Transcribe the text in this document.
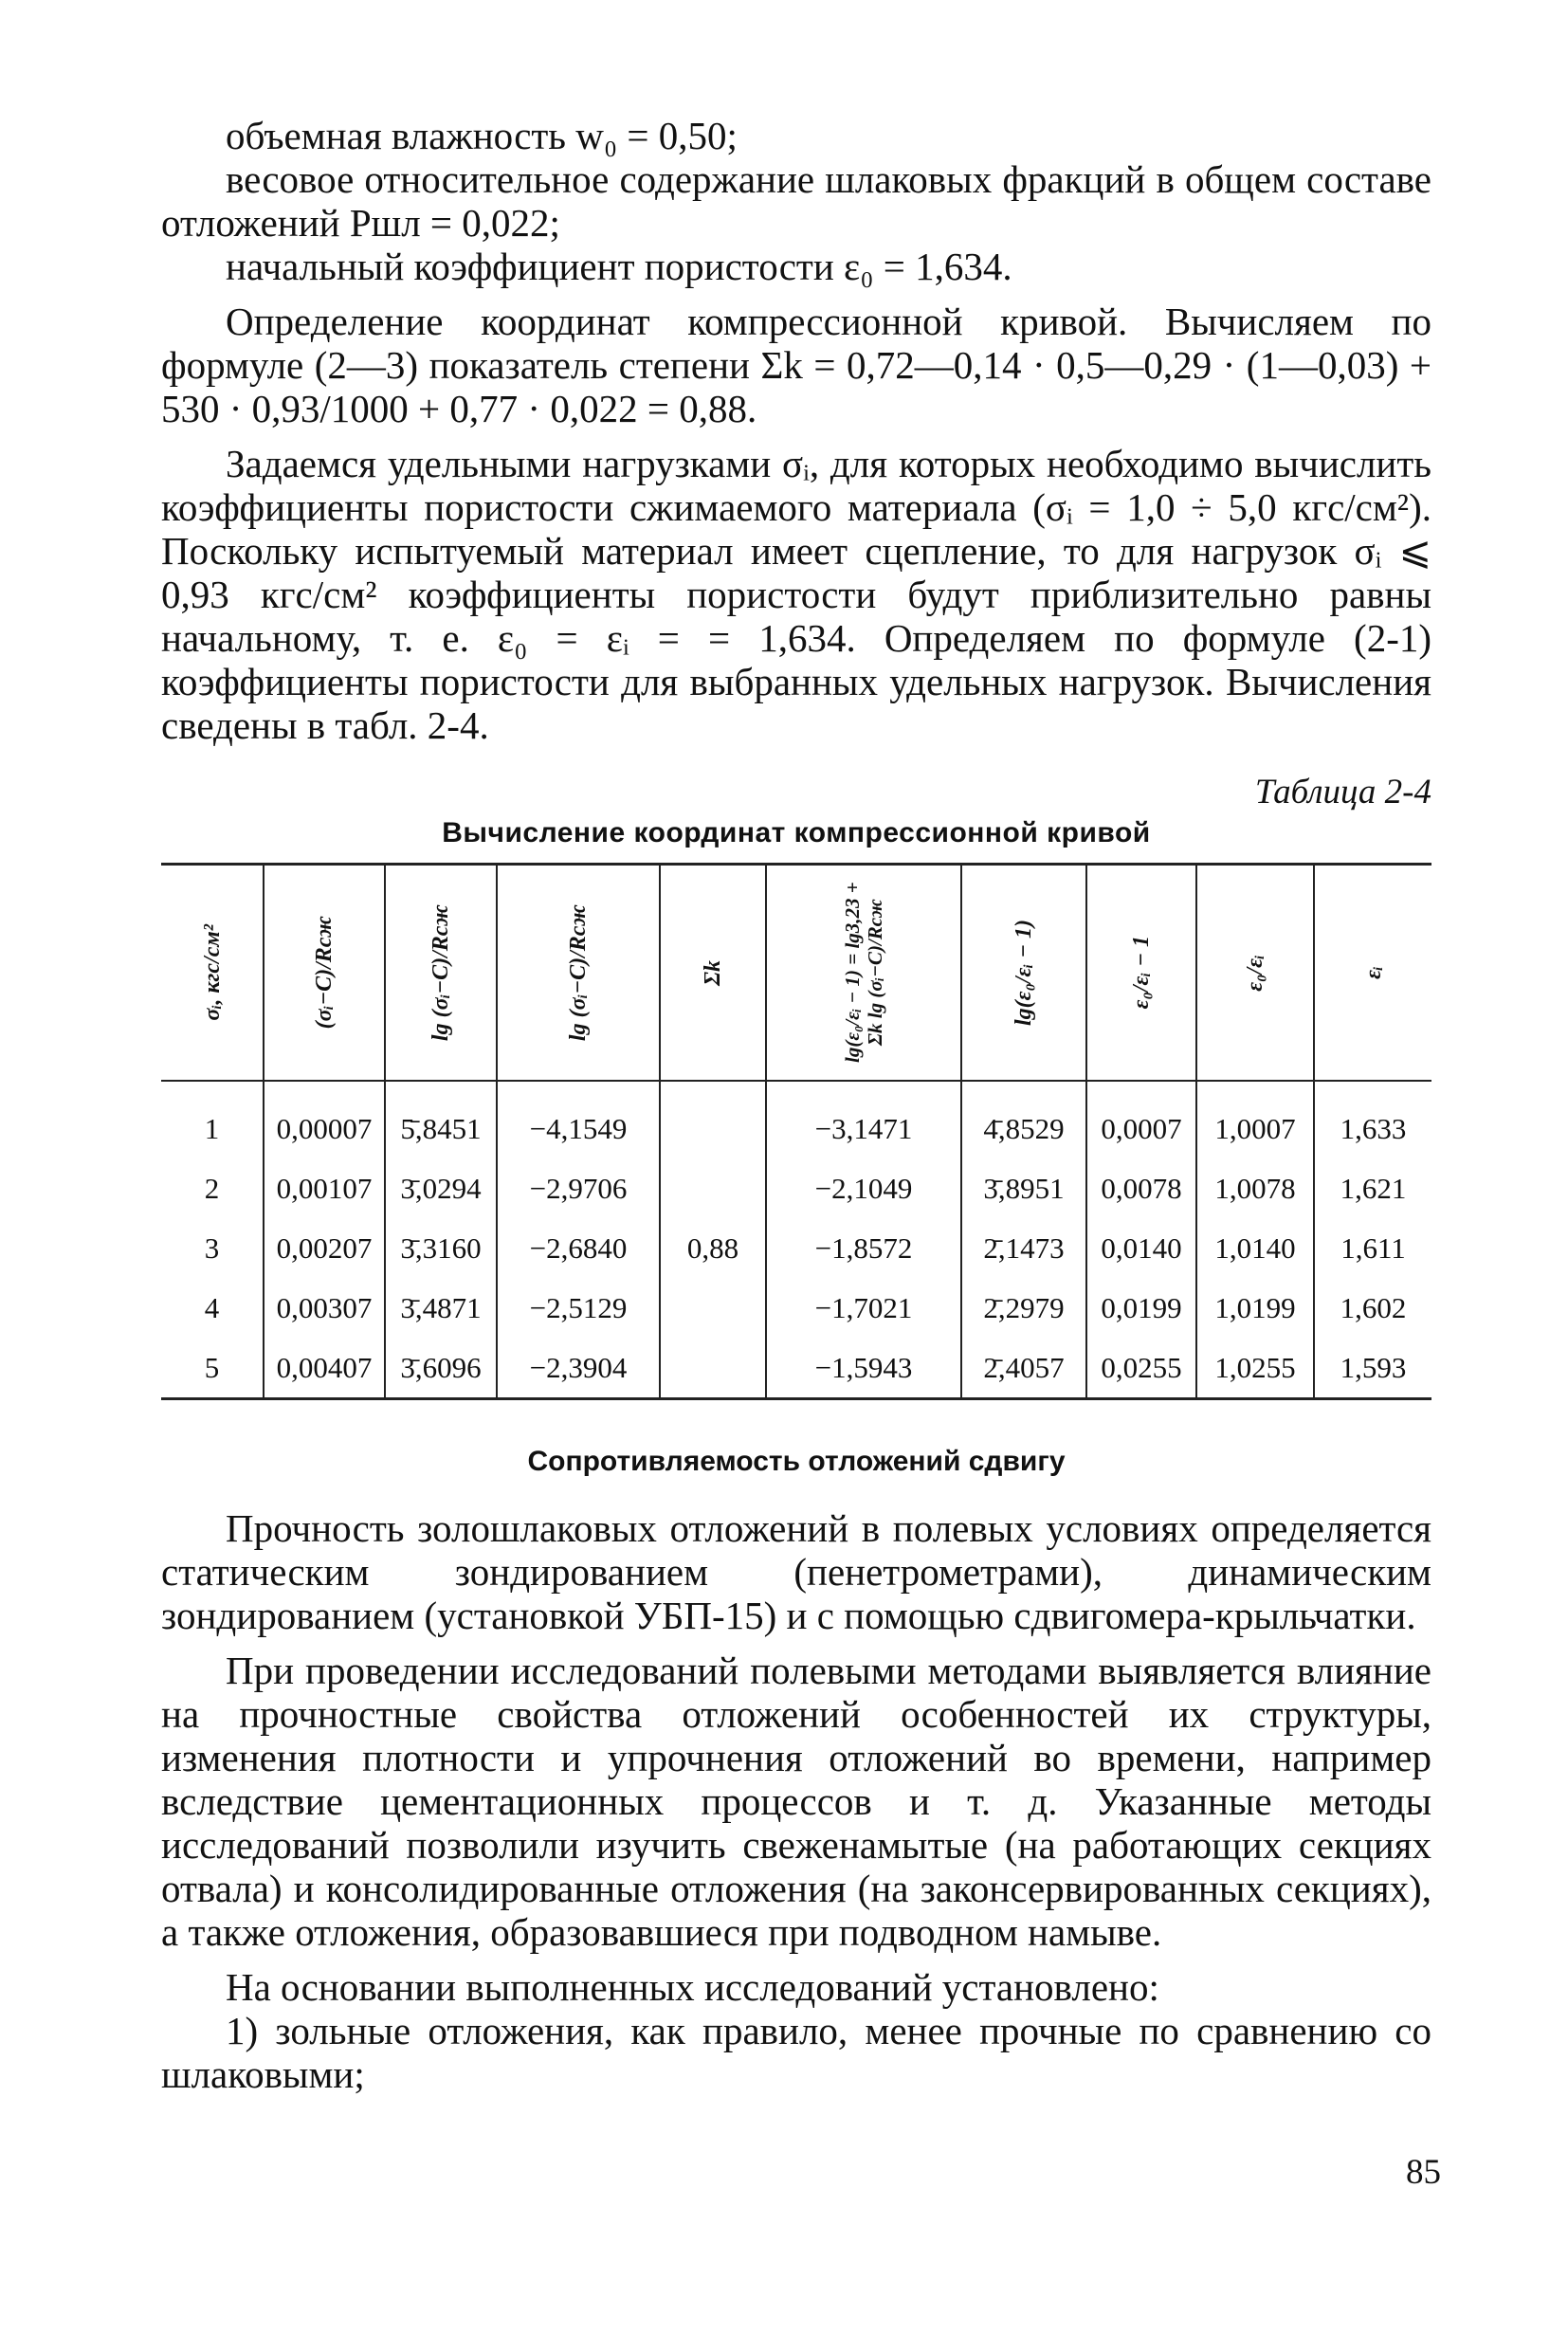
объемная влажность w₀ = 0,50;

весовое относительное содержание шлаковых фракций в общем составе отложений Pшл = 0,022;

начальный коэффициент пористости ε₀ = 1,634.

Определение координат компрессионной кривой. Вычисляем по формуле (2—3) показатель степени Σk = 0,72—0,14 · 0,5—0,29 · (1—0,03) + 530 · 0,93/1000 + 0,77 · 0,022 = 0,88.

Задаемся удельными нагрузками σᵢ, для которых необходимо вычислить коэффициенты пористости сжимаемого материала (σᵢ = 1,0 ÷ 5,0 кгс/см²). Поскольку испытуемый материал имеет сцепление, то для нагрузок σᵢ ⩽ 0,93 кгс/см² коэффициенты пористости будут приблизительно равны начальному, т. е. ε₀ = εᵢ = = 1,634. Определяем по формуле (2-1) коэффициенты пористости для выбранных удельных нагрузок. Вычисления сведены в табл. 2-4.

Таблица 2-4
Вычисление координат компрессионной кривой
σᵢ, кгс/см²	(σᵢ−C)/Rсж	lg (σᵢ−C)/Rсж	lg (σᵢ−C)/Rсж	Σk	lg(ε₀/εᵢ − 1) = lg3,23 + Σk lg (σᵢ−C)/Rсж	lg(ε₀/εᵢ − 1)	ε₀/εᵢ − 1	ε₀/εᵢ	εᵢ

1	0,00007	5̄,8451	−4,1549		−3,1471	4̄,8529	0,0007	1,0007	1,633
2	0,00107	3̄,0294	−2,9706		−2,1049	3̄,8951	0,0078	1,0078	1,621
3	0,00207	3̄,3160	−2,6840	0,88	−1,8572	2̄,1473	0,0140	1,0140	1,611
4	0,00307	3̄,4871	−2,5129		−1,7021	2̄,2979	0,0199	1,0199	1,602
5	0,00407	3̄,6096	−2,3904		−1,5943	2̄,4057	0,0255	1,0255	1,593
Сопротивляемость отложений сдвигу

Прочность золошлаковых отложений в полевых условиях определяется статическим зондированием (пенетрометрами), динамическим зондированием (установкой УБП-15) и с помощью сдвигомера-крыльчатки.

При проведении исследований полевыми методами выявляется влияние на прочностные свойства отложений особенностей их структуры, изменения плотности и упрочнения отложений во времени, например вследствие цементационных процессов и т. д. Указанные методы исследований позволили изучить свеженамытые (на работающих секциях отвала) и консолидированные отложения (на законсервированных секциях), а также отложения, образовавшиеся при подводном намыве.

На основании выполненных исследований установлено:

1) зольные отложения, как правило, менее прочные по сравнению со шлаковыми;

85
